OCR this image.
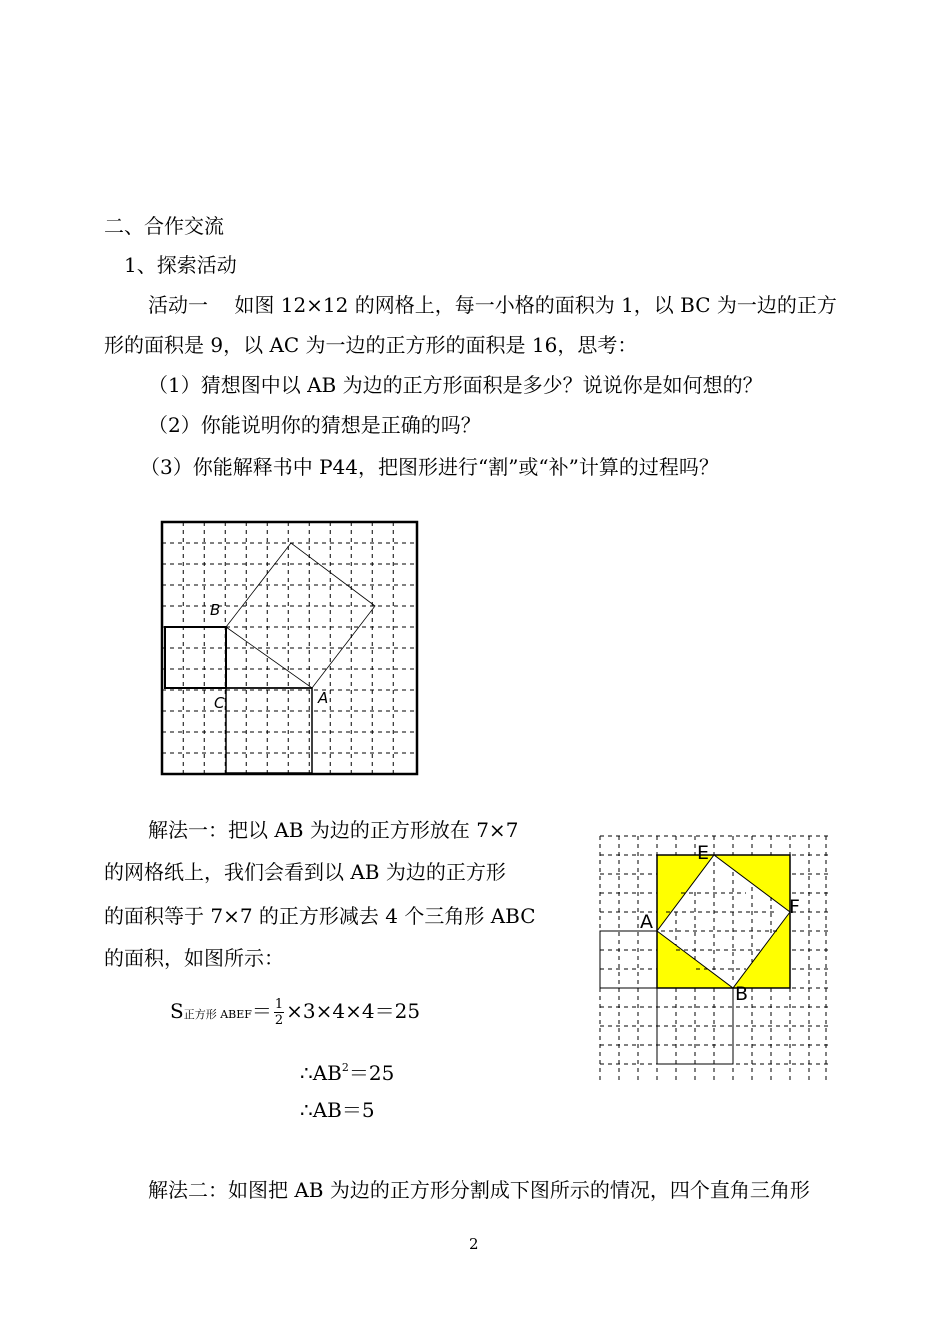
二、合作交流
1、探索活动
活动一　 如图 12×12 的网格上，每一小格的面积为 1，以 BC 为一边的正方
形的面积是 9，以 AC 为一边的正方形的面积是 16，思考：
（1）猜想图中以 AB 为边的正方形面积是多少？说说你是如何想的？
（2）你能说明你的猜想是正确的吗？
（3）你能解释书中 P44，把图形进行“割”或“补”计算的过程吗？
B
C	A
解法一：把以 AB 为边的正方形放在 7×7
的网格纸上，我们会看到以 AB 为边的正方形
的面积等于 7×7 的正方形减去 4 个三角形 ABC
的面积，如图所示：
S正方形 ABEF＝ $\frac{1}{2} \times 3\times 4\times 4=25$
$\therefore AB^2=25$
∴AB＝5
E
A
F
B
解法二：如图把 AB 为边的正方形分割成下图所示的情况，四个直角三角形
2
